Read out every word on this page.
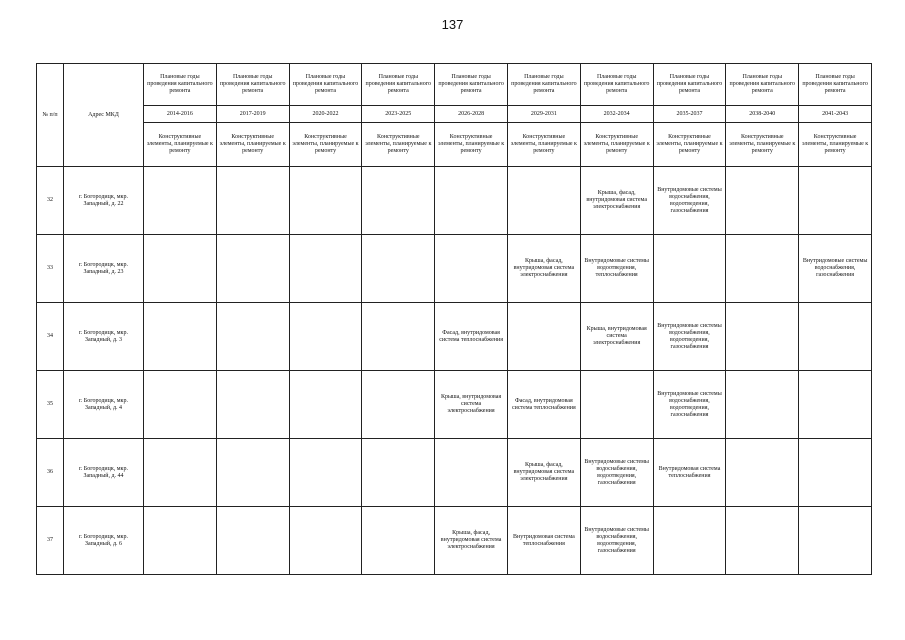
137
№ п/п	Адрес МКД	Плановые годы проведения капитального ремонта	Плановые годы проведения капитального ремонта	Плановые годы проведения капитального ремонта	Плановые годы проведения капитального ремонта	Плановые годы проведения капитального ремонта	Плановые годы проведения капитального ремонта	Плановые годы проведения капитального ремонта	Плановые годы проведения капитального ремонта	Плановые годы проведения капитального ремонта	Плановые годы проведения капитального ремонта
		2014-2016	2017-2019	2020-2022	2023-2025	2026-2028	2029-2031	2032-2034	2035-2037	2038-2040	2041-2043
		Конструктивные элементы, планируемые к ремонту	Конструктивные элементы, планируемые к ремонту	Конструктивные элементы, планируемые к ремонту	Конструктивные элементы, планируемые к ремонту	Конструктивные элементы, планируемые к ремонту	Конструктивные элементы, планируемые к ремонту	Конструктивные элементы, планируемые к ремонту	Конструктивные элементы, планируемые к ремонту	Конструктивные элементы, планируемые к ремонту	Конструктивные элементы, планируемые к ремонту
32	г. Богородицк, мкр. Западный, д. 22							Крыша, фасад, внутридомовая система электроснабжения	Внутридомовые системы водоснабжения, водоотведения, газоснабжения		
33	г. Богородицк, мкр. Западный, д. 23						Крыша, фасад, внутридомовая система электроснабжения	Внутридомовые системы водоотведения, теплоснабжения			Внутридомовые системы водоснабжения, газоснабжения
34	г. Богородицк, мкр. Западный, д. 3					Фасад, внутридомовая система теплоснабжения		Крыша, внутридомовая система электроснабжения	Внутридомовые системы водоснабжения, водоотведения, газоснабжения		
35	г. Богородицк, мкр. Западный, д. 4					Крыша, внутридомовая система электроснабжения	Фасад, внутридомовая система теплоснабжения		Внутридомовые системы водоснабжения, водоотведения, газоснабжения		
36	г. Богородицк, мкр. Западный, д. 44						Крыша, фасад, внутридомовая система электроснабжения	Внутридомовые системы водоснабжения, водоотведения, газоснабжения	Внутридомовая система теплоснабжения		
37	г. Богородицк, мкр. Западный, д. 6					Крыша, фасад, внутридомовая система электроснабжения	Внутридомовая система теплоснабжения	Внутридомовые системы водоснабжения, водоотведения, газоснабжения			
